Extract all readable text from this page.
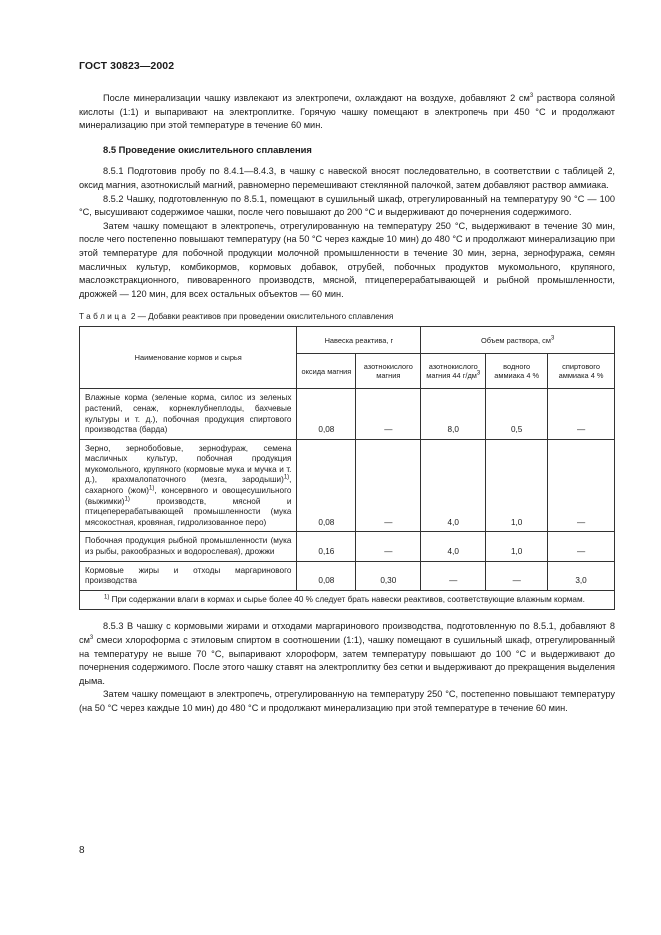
ГОСТ 30823—2002

После минерализации чашку извлекают из электропечи, охлаждают на воздухе, добавляют 2 $см^3$ раствора соляной кислоты (1:1) и выпаривают на электроплитке. Горячую чашку помещают в электропечь при 450 °С и продолжают минерализацию при этой температуре в течение 60 мин.

8.5 Проведение окислительного сплавления

8.5.1 Подготовив пробу по 8.4.1—8.4.3, в чашку с навеской вносят последовательно, в соответствии с таблицей 2, оксид магния, азотнокислый магний, равномерно перемешивают стеклянной палочкой, затем добавляют раствор аммиака.

8.5.2 Чашку, подготовленную по 8.5.1, помещают в сушильный шкаф, отрегулированный на температуру 90 °С — 100 °С, высушивают содержимое чашки, после чего повышают до 200 °С и выдерживают до почернения содержимого.

Затем чашку помещают в электропечь, отрегулированную на температуру 250 °С, выдерживают в течение 30 мин, после чего постепенно повышают температуру (на 50 °С через каждые 10 мин) до 480 °С и продолжают минерализацию при этой температуре для побочной продукции молочной промышленности в течение 30 мин, зерна, зернофуража, семян масличных культур, комбикормов, кормовых добавок, отрубей, побочных продуктов мукомольного, крупяного, маслоэкстракционного, пивоваренного производств, мясной, птицеперерабатывающей и рыбной промышленности, дрожжей — 120 мин, для всех остальных объектов — 60 мин.

Таблица 2 — Добавки реактивов при проведении окислительного сплавления
Наименование кормов и сырья	Навеска реактива, г		Объем раствора, $см^3$
	оксида магния	азотнокислого магния	азотнокислого магния 44 $г/дм^3$	водного аммиака 4 %	спиртового аммиака 4 %
Влажные корма (зеленые корма, силос из зеленых растений, сенаж, корнеклубнеплоды, бахчевые культуры и т. д.), побочная продукция спиртового производства (барда)	0,08	—	8,0	0,5	—
Зерно, зернобобовые, зернофураж, семена масличных культур, побочная продукция мукомольного, крупяного (кормовые мука и мучка и т. д.), крахмалопаточного (мезга, зародыши)$^{1)}$, сахарного (жом)$^{1)}$, консервного и овощесушильного (выжимки)$^{1)}$ производств, мясной и птицеперерабатывающей промышленности (мука мясокостная, кровяная, гидролизованное перо)	0,08	—	4,0	1,0	—
Побочная продукция рыбной промышленности (мука из рыбы, ракообразных и водорослевая), дрожжи	0,16	—	4,0	1,0	—
Кормовые жиры и отходы маргаринового производства	0,08	0,30	—	—	3,0
$^{1)}$ При содержании влаги в кормах и сырье более 40 % следует брать навески реактивов, соответствующие влажным кормам.					

8.5.3 В чашку с кормовыми жирами и отходами маргаринового производства, подготовленную по 8.5.1, добавляют 8 $см^3$ смеси хлороформа с этиловым спиртом в соотношении (1:1), чашку помещают в сушильный шкаф, отрегулированный на температуру не выше 70 °С, выпаривают хлороформ, затем температуру повышают до 100 °С и выдерживают до почернения содержимого. После этого чашку ставят на электроплитку без сетки и выдерживают до прекращения выделения дыма.

Затем чашку помещают в электропечь, отрегулированную на температуру 250 °С, постепенно повышают температуру (на 50 °С через каждые 10 мин) до 480 °С и продолжают минерализацию при этой температуре в течение 60 мин.

8
